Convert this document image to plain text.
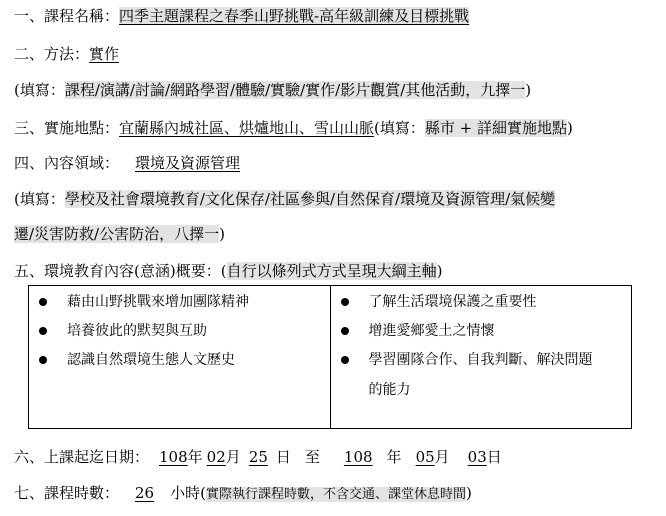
一、課程名稱：四季主題課程之春季山野挑戰-高年級訓練及目標挑戰
二、方法：實作
(填寫：課程/演講/討論/網路學習/體驗/實驗/實作/影片觀賞/其他活動，九擇一)
三、實施地點：宜蘭縣內城社區、烘爐地山、雪山山脈(填寫：縣市 + 詳細實施地點)
四、內容領域： 環境及資源管理
(填寫：學校及社會環境教育/文化保存/社區參與/自然保育/環境及資源管理/氣候變
遷/災害防救/公害防治，八擇一)
五、環境教育內容(意涵)概要：(自行以條列式方式呈現大綱主軸)
藉由山野挑戰來增加團隊精神
培養彼此的默契與互助
認識自然環境生態人文歷史

了解生活環境保護之重要性
增進愛鄉愛土之情懷
學習團隊合作、自我判斷、解決問題
的能力
六、上課起迄日期： 108年 02月 25 日 至 108 年 05月 03日
七、課程時數： 26 小時(實際執行課程時數，不含交通、課堂休息時間)
